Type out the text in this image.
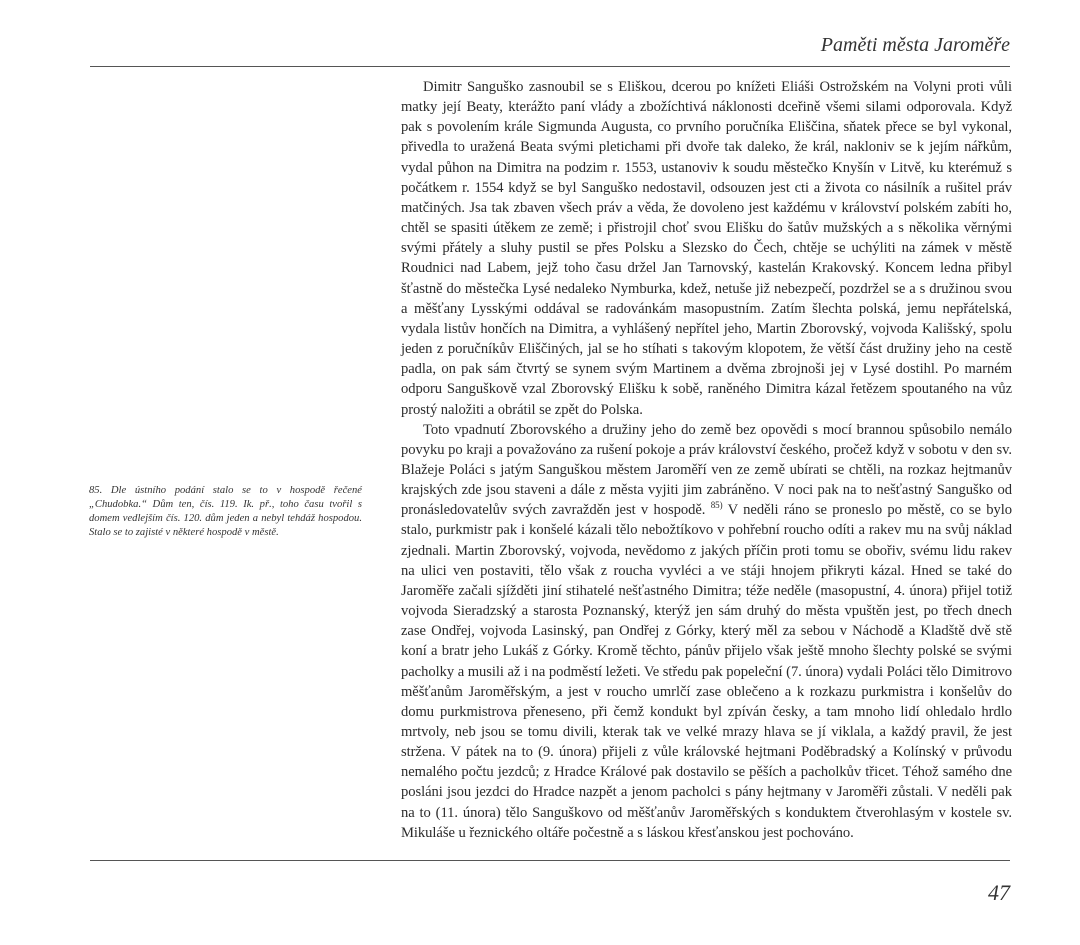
Paměti města Jaroměře

Dimitr Sanguško zasnoubil se s Eliškou, dcerou po knížeti Eliáši Ostrožském na Volyni proti vůli matky její Beaty, kterážto paní vlády a zbožíchtivá náklonosti dceřině všemi silami odporovala. Když pak s povolením krále Sigmunda Augusta, co prvního poručníka Eliščina, sňatek přece se byl vykonal, přivedla to uražená Beata svými pletichami při dvoře tak daleko, že král, nakloniv se k jejím nářkům, vydal půhon na Dimitra na podzim r. 1553, ustanoviv k soudu městečko Knyšín v Litvě, ku kterémuž s počátkem r. 1554 když se byl Sanguško nedostavil, odsouzen jest cti a života co násilník a rušitel práv matčiných. Jsa tak zbaven všech práv a věda, že dovoleno jest každému v království polském zabíti ho, chtěl se spasiti útěkem ze země; i přistrojil choť svou Elišku do šatův mužských a s několika věrnými svými přátely a sluhy pustil se přes Polsku a Slezsko do Čech, chtěje se uchýliti na zámek v městě Roudnici nad Labem, jejž toho času držel Jan Tarnovský, kastelán Krakovský. Koncem ledna přibyl šťastně do městečka Lysé nedaleko Nymburka, kdež, netuše již nebezpečí, pozdržel se a s družinou svou a měšťany Lysskými oddával se radovánkám masopustním. Zatím šlechta polská, jemu nepřátelská, vydala listův hončích na Dimitra, a vyhlášený nepřítel jeho, Martin Zborovský, vojvoda Kališský, spolu jeden z poručníkův Eliščiných, jal se ho stíhati s takovým klopotem, že větší část družiny jeho na cestě padla, on pak sám čtvrtý se synem svým Martinem a dvěma zbrojnoši jej v Lysé dostihl. Po marném odporu Sanguškově vzal Zborovský Elišku k sobě, raněného Dimitra kázal řetězem spoutaného na vůz prostý naložiti a obrátil se zpět do Polska.

Toto vpadnutí Zborovského a družiny jeho do země bez opovědi s mocí brannou spůsobilo nemálo povyku po kraji a považováno za rušení pokoje a práv království českého, pročež když v sobotu v den sv. Blažeje Poláci s jatým Sanguškou městem Jaroměří ven ze země ubírati se chtěli, na rozkaz hejtmanův krajských zde jsou staveni a dále z města vyjiti jim zabráněno. V noci pak na to nešťastný Sanguško od pronásledovatelův svých zavražděn jest v hospodě. $^{85)}$ V neděli ráno se proneslo po městě, co se bylo stalo, purkmistr pak i konšelé kázali tělo nebožtíkovo v pohřební roucho odíti a rakev mu na svůj náklad zjednali. Martin Zborovský, vojvoda, nevědomo z jakých příčin proti tomu se obořiv, svému lidu rakev na ulici ven postaviti, tělo však z roucha vyvléci a ve stáji hnojem přikryti kázal. Hned se také do Jaroměře začali sjížděti jiní stihatelé nešťastného Dimitra; téže neděle (masopustní, 4. února) přijel totiž vojvoda Sieradzský a starosta Poznanský, kterýž jen sám druhý do města vpuštěn jest, po třech dnech zase Ondřej, vojvoda Lasinský, pan Ondřej z Górky, který měl za sebou v Náchodě a Kladště dvě stě koní a bratr jeho Lukáš z Górky. Kromě těchto, pánův přijelo však ještě mnoho šlechty polské se svými pacholky a musili až i na podměstí ležeti. Ve středu pak popeleční (7. února) vydali Poláci tělo Dimitrovo měšťanům Jaroměřským, a jest v roucho umrlčí zase oblečeno a k rozkazu purkmistra i konšelův do domu purkmistrova přeneseno, při čemž kondukt byl zpíván česky, a tam mnoho lidí ohledalo hrdlo mrtvoly, neb jsou se tomu divili, kterak tak ve velké mrazy hlava se jí viklala, a každý pravil, že jest stržena. V pátek na to (9. února) přijeli z vůle královské hejtmani Poděbradský a Kolínský v průvodu nemalého počtu jezdců; z Hradce Králové pak dostavilo se pěších a pacholkův třicet. Téhož samého dne posláni jsou jezdci do Hradce nazpět a jenom pacholci s pány hejtmany v Jaroměři zůstali. V neděli pak na to (11. února) tělo Sanguškovo od měšťanův Jaroměřských s konduktem čtverohlasým v kostele sv. Mikuláše u řeznického oltáře počestně a s láskou křesťanskou jest pochováno.

85. Dle ústního podání stalo se to v hospodě řečené „Chudobka.“ Dům ten, čís. 119. Ik. př., toho času tvořil s domem vedlejším čís. 120. dům jeden a nebyl tehdáž hospodou. Stalo se to zajisté v některé hospodě v městě.
47
